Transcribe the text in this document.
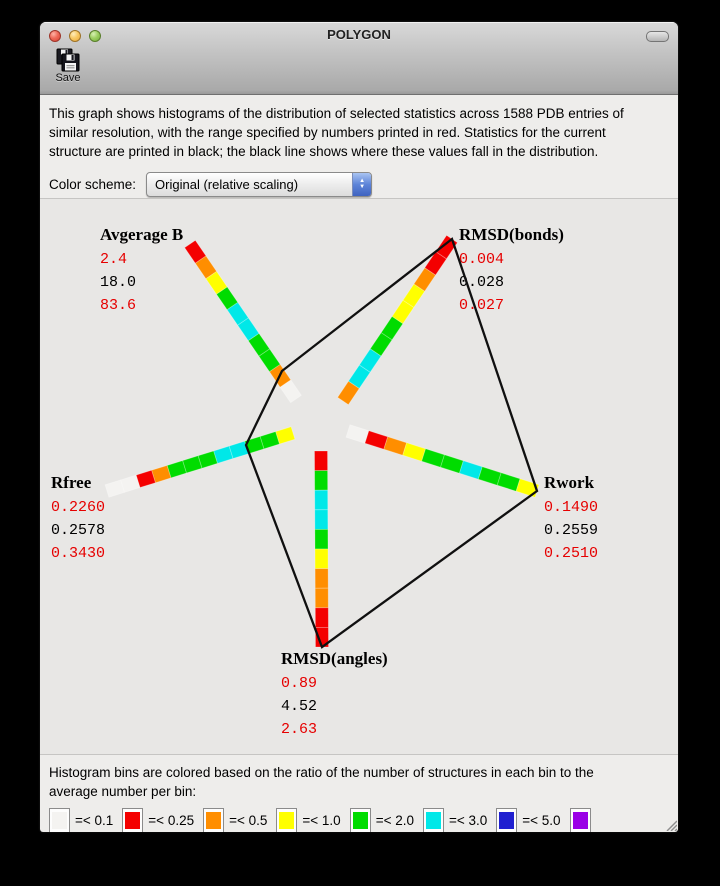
POLYGON
Save
This graph shows histograms of the distribution of selected statistics across 1588 PDB entries of
similar resolution, with the range specified by numbers printed in red. Statistics for the current
structure are printed in black; the black line shows where these values fall in the distribution.
Color scheme:	Original (relative scaling)	▲
▼
Avgerage B
2.4
18.0
83.6
RMSD(bonds)
0.004
0.028
0.027
Rwork
0.1490
0.2559
0.2510
Rfree
0.2260
0.2578
0.3430
RMSD(angles)
0.89
4.52
2.63
Histogram bins are colored based on the ratio of the number of structures in each bin to the
average number per bin:
=< 0.1	=< 0.25	=< 0.5	=< 1.0	=< 2.0	=< 3.0	=< 5.0
